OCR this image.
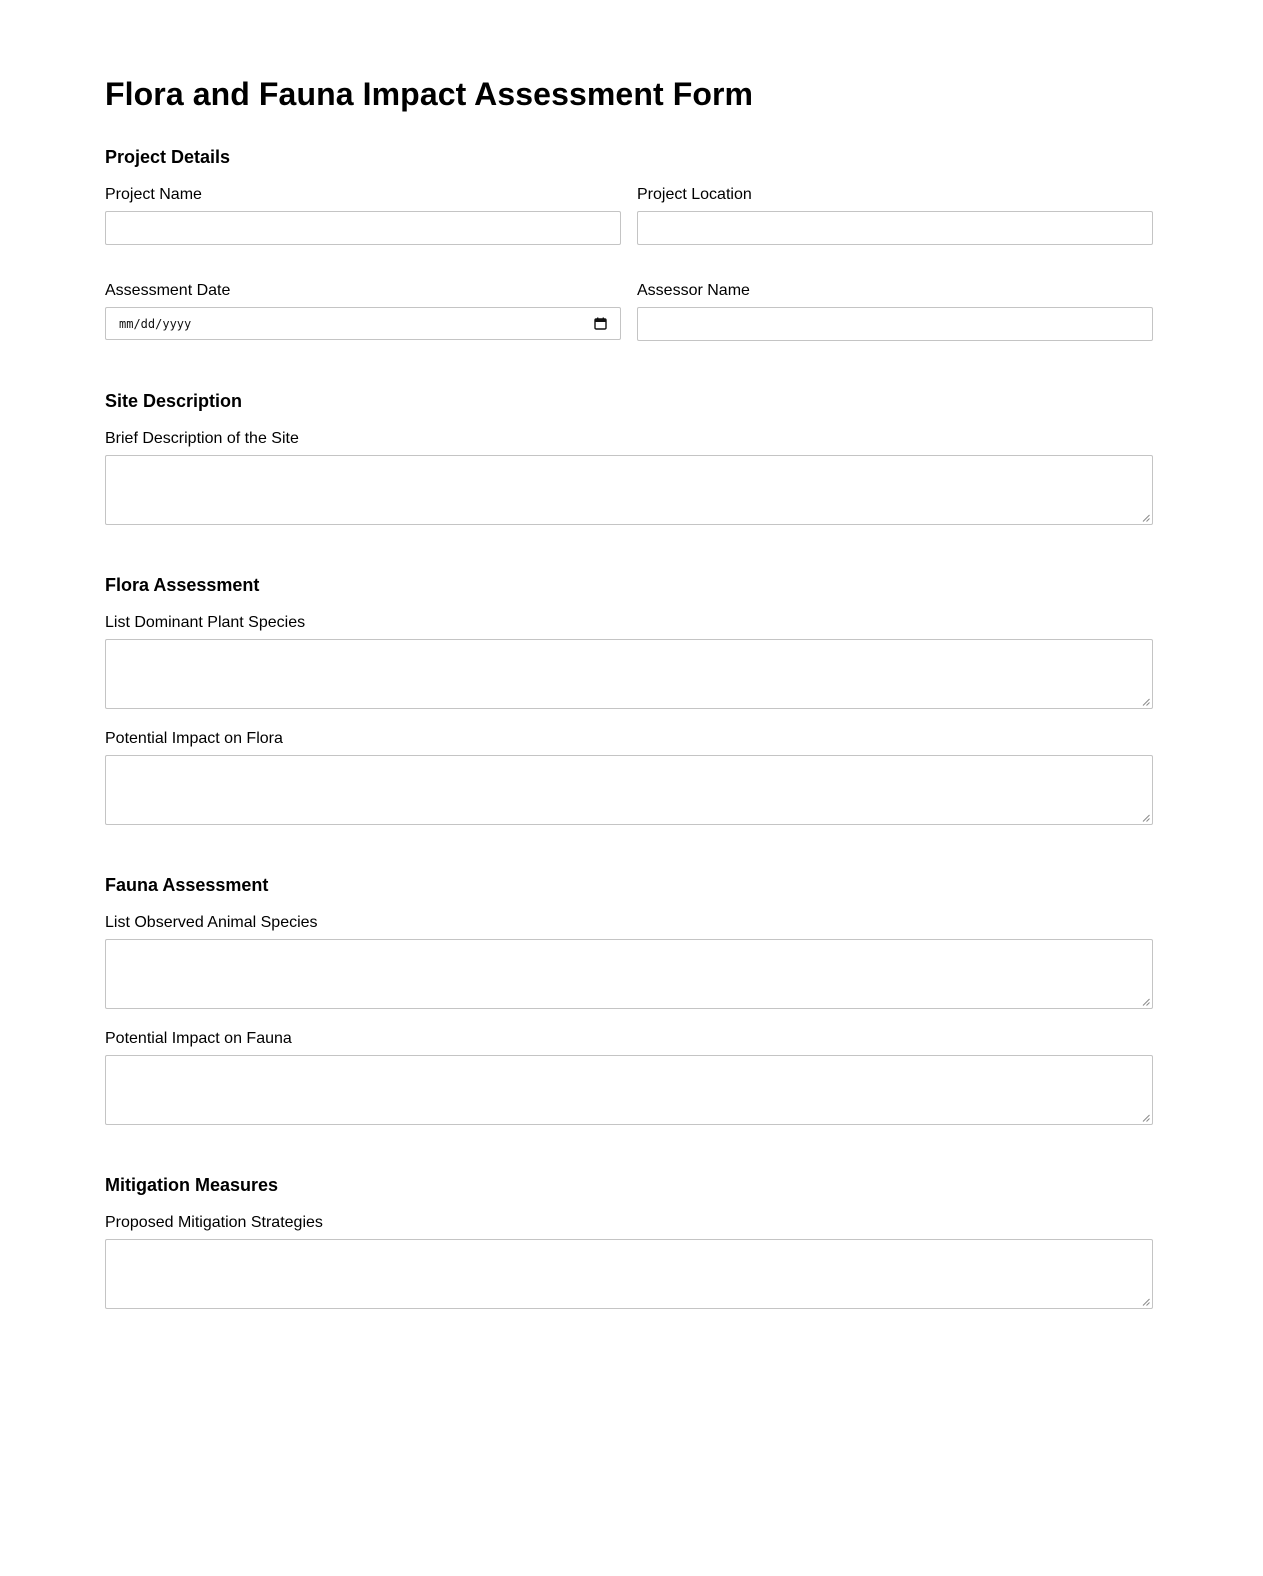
Flora and Fauna Impact Assessment Form
Project Details
Project Name	Project Location
Assessment Date
mm/dd/yyyy
Assessor Name
Site Description
Brief Description of the Site
Flora Assessment
List Dominant Plant Species
Potential Impact on Flora
Fauna Assessment
List Observed Animal Species
Potential Impact on Fauna
Mitigation Measures
Proposed Mitigation Strategies
